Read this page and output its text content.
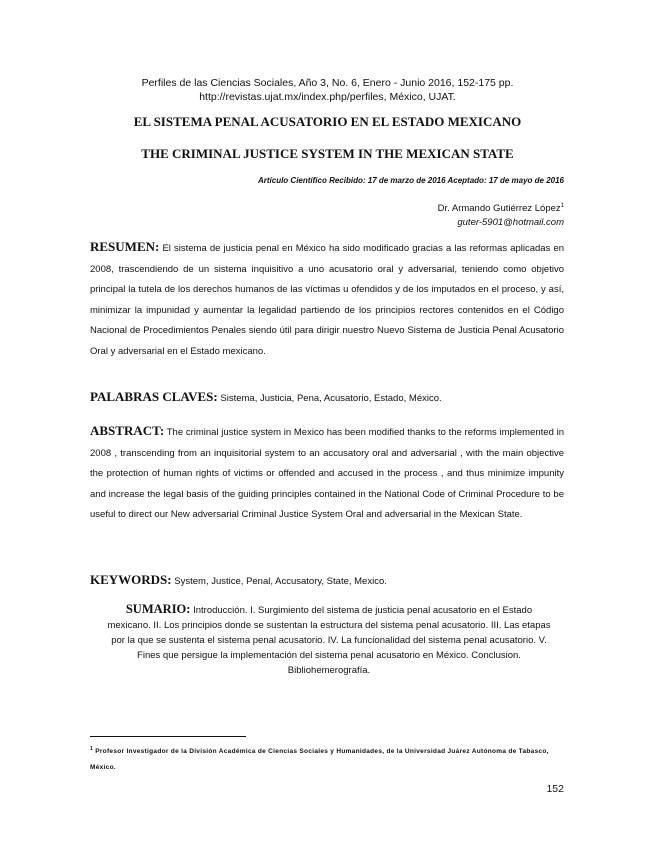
Perfiles de las Ciencias Sociales, Año 3, No. 6, Enero - Junio 2016, 152-175 pp.
http://revistas.ujat.mx/index.php/perfiles, México, UJAT.
EL SISTEMA PENAL ACUSATORIO EN EL ESTADO MEXICANO
THE CRIMINAL JUSTICE SYSTEM IN THE MEXICAN STATE
Artículo Científico Recibido: 17 de marzo de 2016 Aceptado: 17 de mayo de 2016
Dr. Armando Gutiérrez López$^1$
guter-5901@hotmail.com
RESUMEN: El sistema de justicia penal en México ha sido modificado gracias a las reformas aplicadas en 2008, trascendiendo de un sistema inquisitivo a uno acusatorio oral y adversarial, teniendo como objetivo principal la tutela de los derechos humanos de las víctimas u ofendidos y de los imputados en el proceso, y así, minimizar la impunidad y aumentar la legalidad partiendo de los principios rectores contenidos en el Código Nacional de Procedimientos Penales siendo útil para dirigir nuestro Nuevo Sistema de Justicia Penal Acusatorio Oral y adversarial en el Estado mexicano.
PALABRAS CLAVES: Sistema, Justicia, Pena, Acusatorio, Estado, México.
ABSTRACT: The criminal justice system in Mexico has been modified thanks to the reforms implemented in 2008 , transcending from an inquisitorial system to an accusatory oral and adversarial , with the main objective the protection of human rights of victims or offended and accused in the process , and thus minimize impunity and increase the legal basis of the guiding principles contained in the National Code of Criminal Procedure to be useful to direct our New adversarial Criminal Justice System Oral and adversarial in the Mexican State.
KEYWORDS: System, Justice, Penal, Accusatory, State, Mexico.
SUMARIO: Introducción. I. Surgimiento del sistema de justicia penal acusatorio en el Estado mexicano. II. Los principios donde se sustentan la estructura del sistema penal acusatorio. III. Las etapas por la que se sustenta el sistema penal acusatorio. IV. La funcionalidad del sistema penal acusatorio. V. Fines que persigue la implementación del sistema penal acusatorio en México. Conclusion. Bibliohemerografía.
$^1$ Profesor Investigador de la División Académica de Ciencias Sociales y Humanidades, de la Universidad Juárez Autónoma de Tabasco, México.
152
